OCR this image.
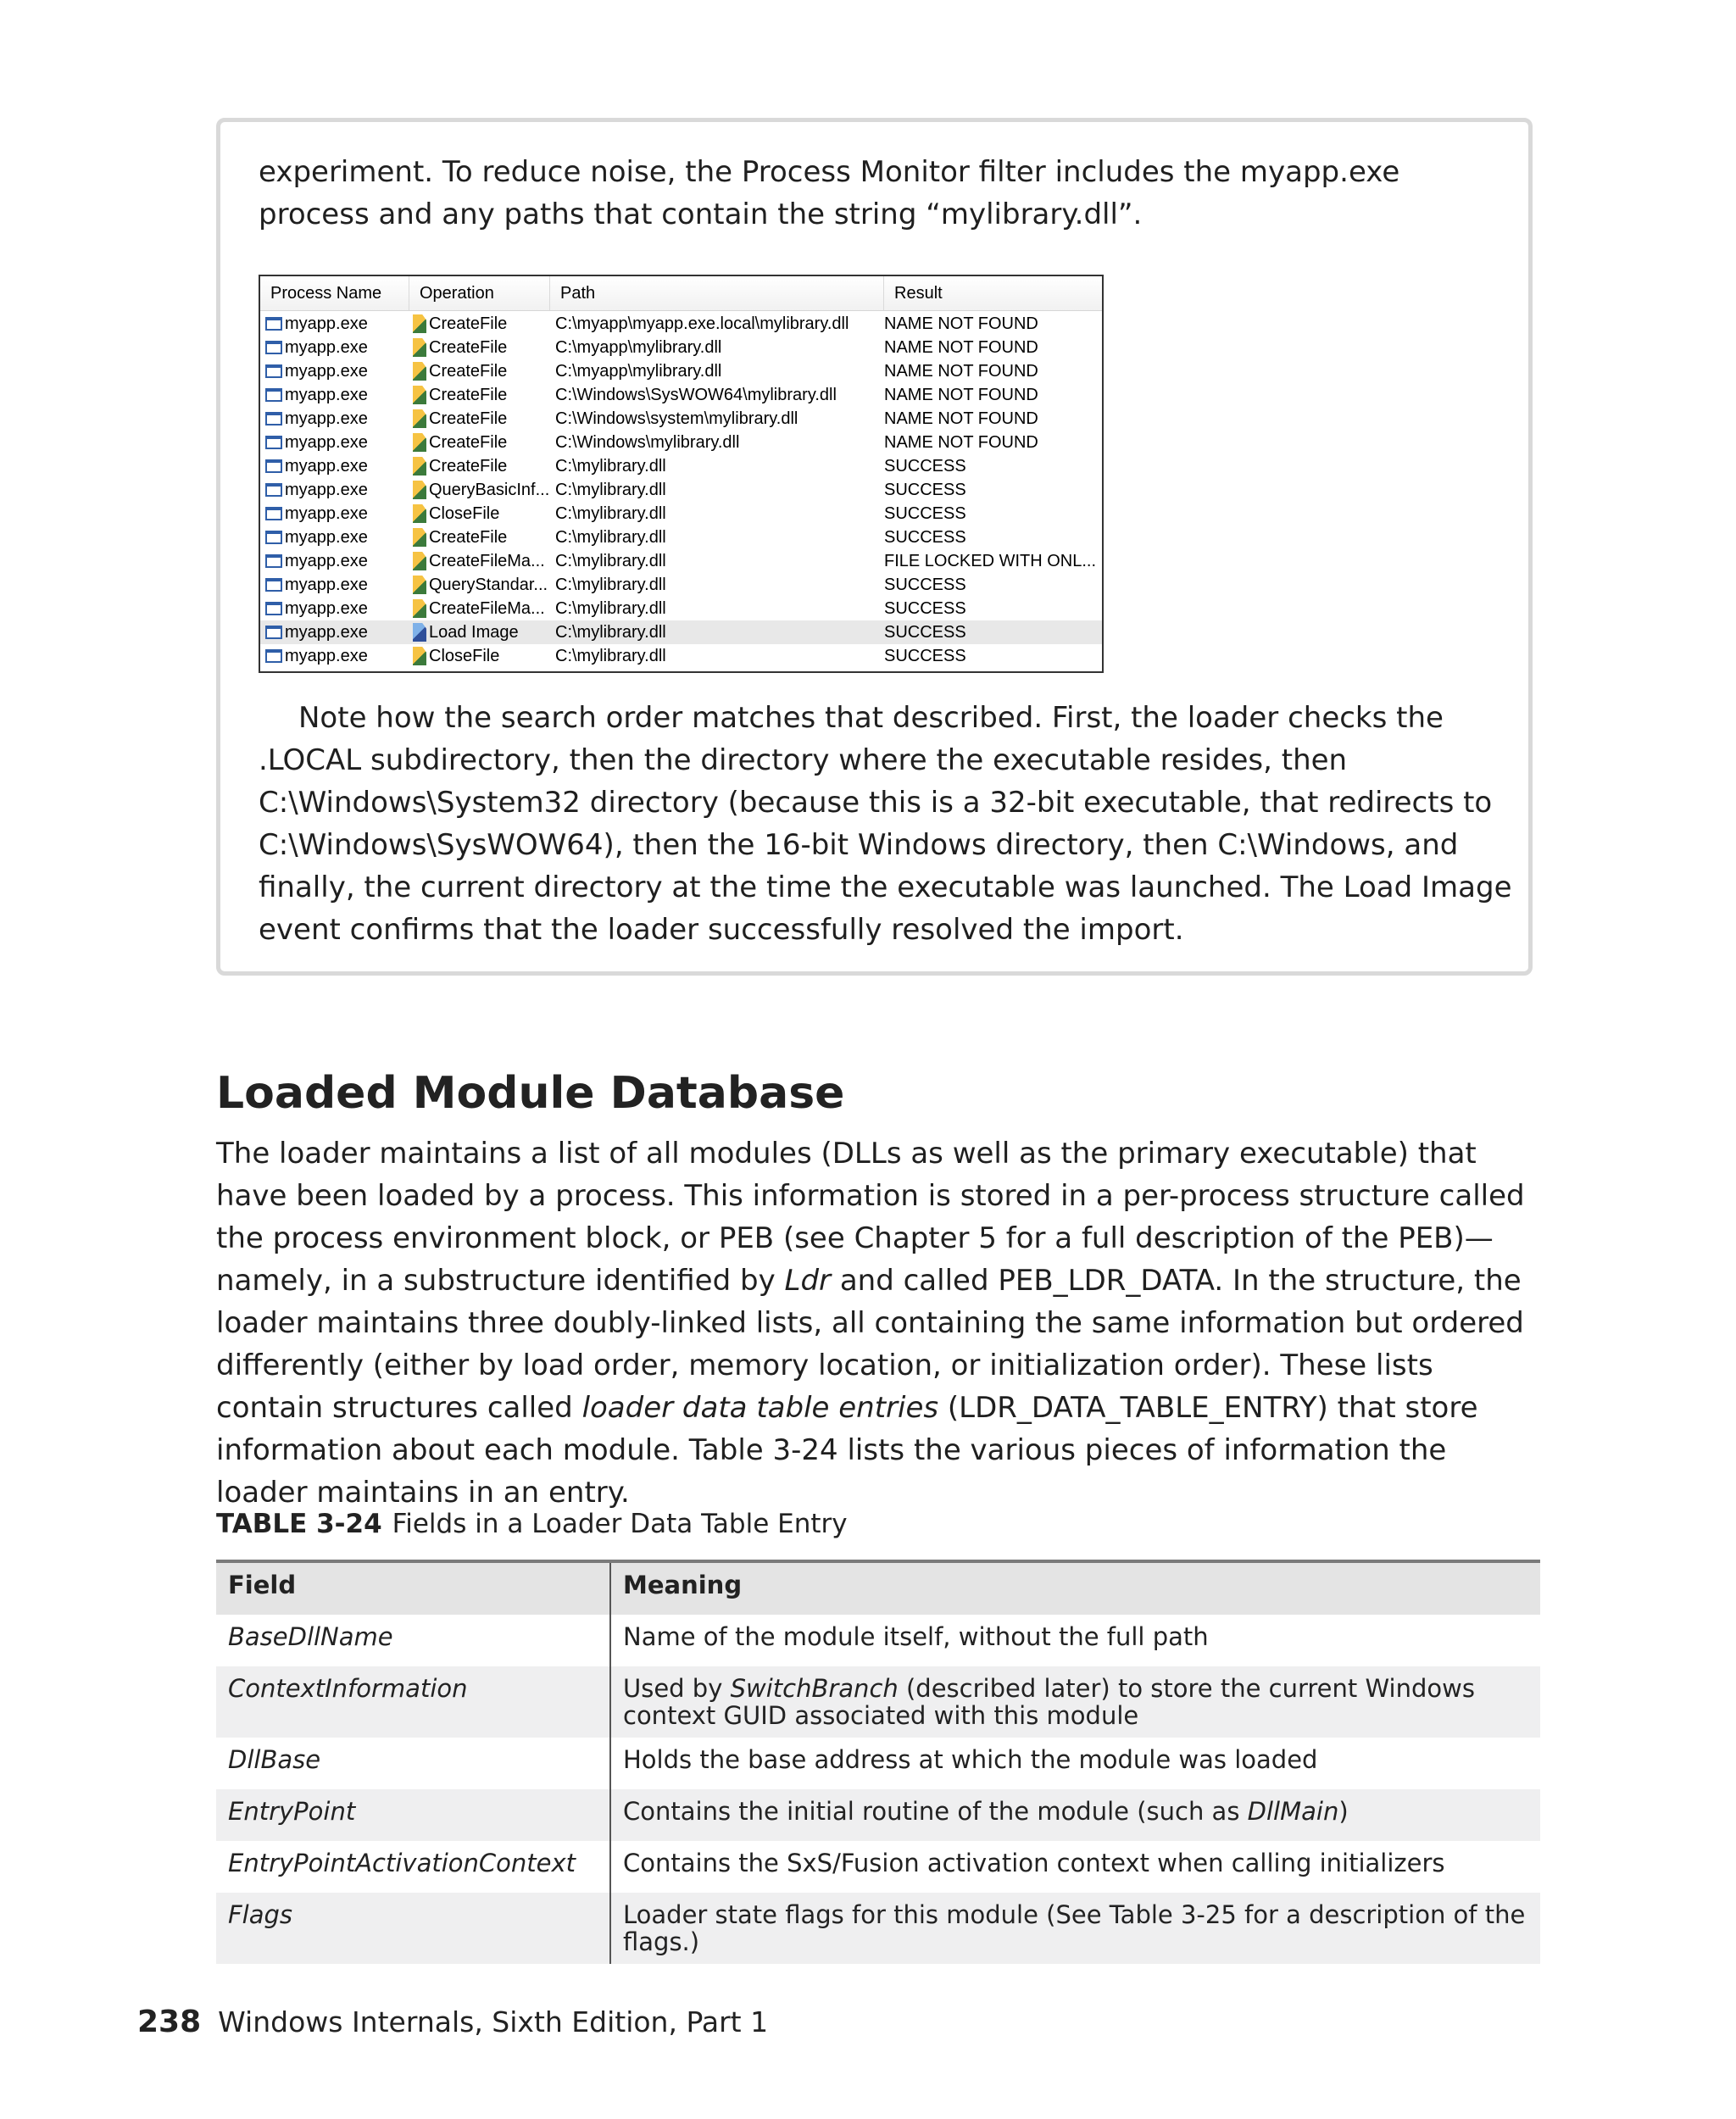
experiment. To reduce noise, the Process Monitor filter includes the myapp.exe process and any paths that contain the string “mylibrary.dll”.

Process Name	Operation	Path	Result
myapp.exe	CreateFile	C:\myapp\myapp.exe.local\mylibrary.dll	NAME NOT FOUND
myapp.exe	CreateFile	C:\myapp\mylibrary.dll	NAME NOT FOUND
myapp.exe	CreateFile	C:\myapp\mylibrary.dll	NAME NOT FOUND
myapp.exe	CreateFile	C:\Windows\SysWOW64\mylibrary.dll	NAME NOT FOUND
myapp.exe	CreateFile	C:\Windows\system\mylibrary.dll	NAME NOT FOUND
myapp.exe	CreateFile	C:\Windows\mylibrary.dll	NAME NOT FOUND
myapp.exe	CreateFile	C:\mylibrary.dll	SUCCESS
myapp.exe	QueryBasicInf... C:\mylibrary.dll	SUCCESS
myapp.exe	CloseFile	C:\mylibrary.dll	SUCCESS
myapp.exe	CreateFile	C:\mylibrary.dll	SUCCESS
myapp.exe	CreateFileMa... C:\mylibrary.dll	FILE LOCKED WITH ONL...
myapp.exe	QueryStandar... C:\mylibrary.dll	SUCCESS
myapp.exe	CreateFileMa... C:\mylibrary.dll	SUCCESS
myapp.exe	Load Image	C:\mylibrary.dll	SUCCESS
myapp.exe	CloseFile	C:\mylibrary.dll	SUCCESS

Note how the search order matches that described. First, the loader checks the .LOCAL subdirectory, then the directory where the executable resides, then C:\Windows\System32 directory (because this is a 32-bit executable, that redirects to C:\Windows\SysWOW64), then the 16-bit Windows directory, then C:\Windows, and finally, the current directory at the time the executable was launched. The Load Image event confirms that the loader successfully resolved the import.

Loaded Module Database

The loader maintains a list of all modules (DLLs as well as the primary executable) that have been loaded by a process. This information is stored in a per-process structure called the process environment block, or PEB (see Chapter 5 for a full description of the PEB)—namely, in a substructure identified by Ldr and called PEB_LDR_DATA. In the structure, the loader maintains three doubly-linked lists, all containing the same information but ordered differently (either by load order, memory location, or initialization order). These lists contain structures called loader data table entries (LDR_DATA_TABLE_ENTRY) that store information about each module. Table 3-24 lists the various pieces of information the loader maintains in an entry.

TABLE 3-24 Fields in a Loader Data Table Entry
Field	Meaning
BaseDllName	Name of the module itself, without the full path
ContextInformation	Used by SwitchBranch (described later) to store the current Windows context GUID associated with this module
DllBase	Holds the base address at which the module was loaded
EntryPoint	Contains the initial routine of the module (such as DllMain)
EntryPointActivationContext	Contains the SxS/Fusion activation context when calling initializers
Flags	Loader state flags for this module (See Table 3-25 for a description of the flags.)
238 Windows Internals, Sixth Edition, Part 1
